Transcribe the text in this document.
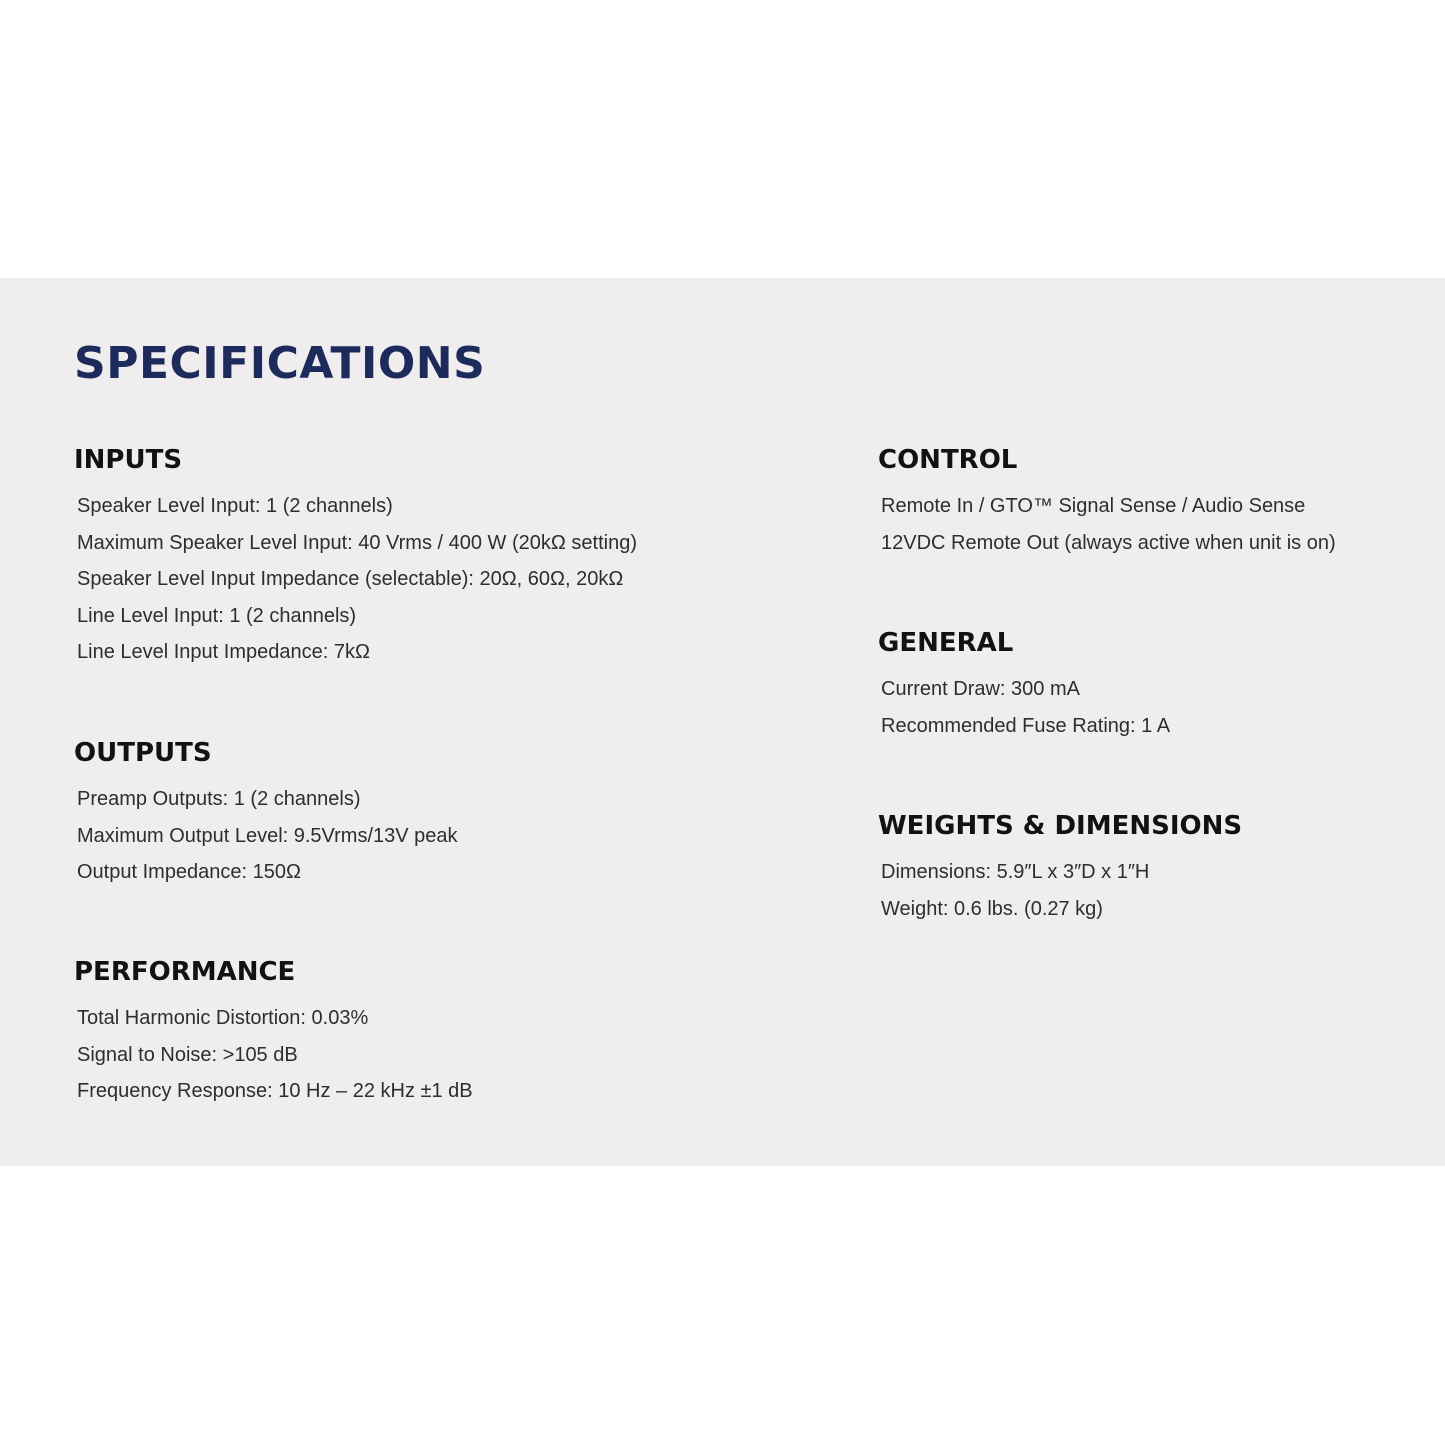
SPECIFICATIONS
INPUTS
Speaker Level Input: 1 (2 channels)
Maximum Speaker Level Input: 40 Vrms / 400 W (20kΩ setting)
Speaker Level Input Impedance (selectable): 20Ω, 60Ω, 20kΩ
Line Level Input: 1 (2 channels)
Line Level Input Impedance: 7kΩ
OUTPUTS
Preamp Outputs: 1 (2 channels)
Maximum Output Level: 9.5Vrms/13V peak
Output Impedance: 150Ω
PERFORMANCE
Total Harmonic Distortion: 0.03%
Signal to Noise: >105 dB
Frequency Response: 10 Hz – 22 kHz ±1 dB
CONTROL
Remote In / GTO™ Signal Sense / Audio Sense
12VDC Remote Out (always active when unit is on)
GENERAL
Current Draw: 300 mA
Recommended Fuse Rating: 1 A
WEIGHTS & DIMENSIONS
Dimensions: 5.9″L x 3″D x 1″H
Weight: 0.6 lbs. (0.27 kg)
